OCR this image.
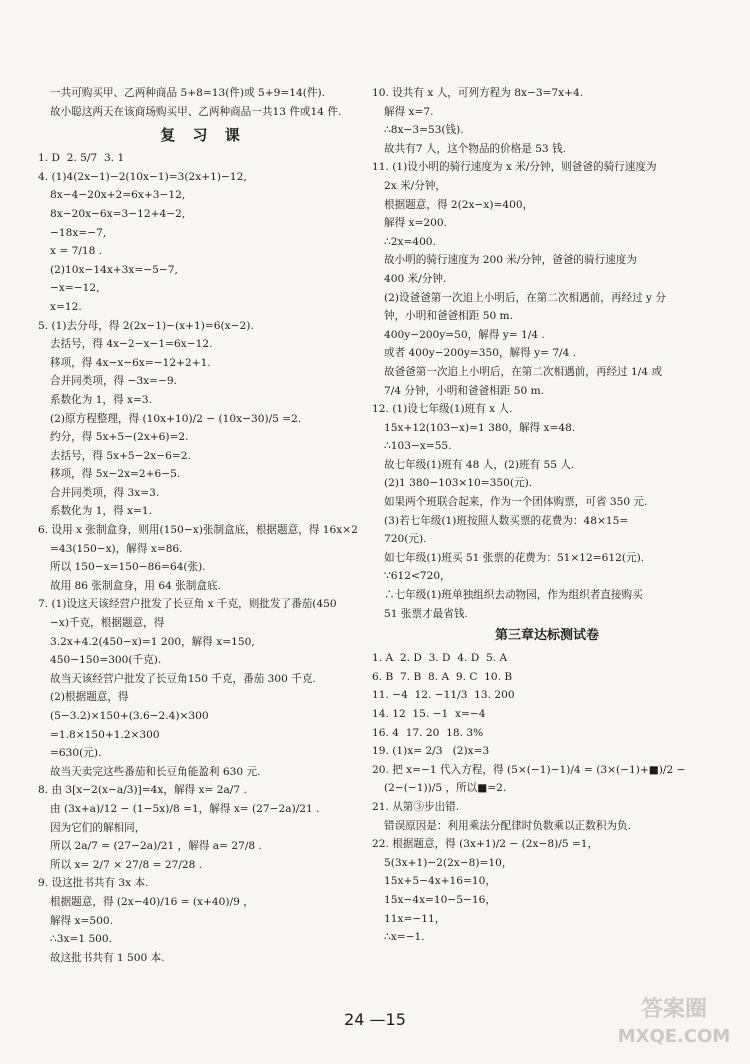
一共可购买甲、乙两种商品 5+8=13(件)或 5+9=14(件).
故小聪这两天在该商场购买甲、乙两种商品一共13 件或14 件.
复 习 课
1. D  2. 5/7  3. 1
4. (1)4(2x−1)−2(10x−1)=3(2x+1)−12,
8x−4−20x+2=6x+3−12,
8x−20x−6x=3−12+4−2,
−18x=−7,
x = 7/18 .
(2)10x−14x+3x=−5−7,
−x=−12,
x=12.
5. (1)去分母，得 2(2x−1)−(x+1)=6(x−2).
去括号，得 4x−2−x−1=6x−12.
移项，得 4x−x−6x=−12+2+1.
合并同类项，得 −3x=−9.
系数化为 1，得 x=3.
(2)原方程整理，得 (10x+10)/2 − (10x−30)/5 =2.
约分，得 5x+5−(2x+6)=2.
去括号，得 5x+5−2x−6=2.
移项，得 5x−2x=2+6−5.
合并同类项，得 3x=3.
系数化为 1，得 x=1.
6. 设用 x 张制盒身，则用(150−x)张制盒底，根据题意，得 16x×2
=43(150−x)，解得 x=86.
所以 150−x=150−86=64(张).
故用 86 张制盒身，用 64 张制盒底.
7. (1)设这天该经营户批发了长豆角 x 千克，则批发了番茄(450
−x)千克，根据题意，得
3.2x+4.2(450−x)=1 200，解得 x=150,
450−150=300(千克).
故当天该经营户批发了长豆角150 千克，番茄 300 千克.
(2)根据题意，得
(5−3.2)×150+(3.6−2.4)×300
=1.8×150+1.2×300
=630(元).
故当天卖完这些番茄和长豆角能盈利 630 元.
8. 由 3[x−2(x−a/3)]=4x，解得 x= 2a/7 .
由 (3x+a)/12 − (1−5x)/8 =1，解得 x= (27−2a)/21 .
因为它们的解相同，
所以 2a/7 = (27−2a)/21 ，解得 a= 27/8 .
所以 x= 2/7 × 27/8 = 27/28 .
9. 设这批书共有 3x 本.
根据题意，得 (2x−40)/16 = (x+40)/9 ，
解得 x=500.
∴3x=1 500.
故这批书共有 1 500 本.
10. 设共有 x 人，可列方程为 8x−3=7x+4.
解得 x=7.
∴8x−3=53(钱).
故共有7 人，这个物品的价格是 53 钱.
11. (1)设小明的骑行速度为 x 米/分钟，则爸爸的骑行速度为
2x 米/分钟，
根据题意，得 2(2x−x)=400，
解得 x=200.
∴2x=400.
故小明的骑行速度为 200 米/分钟，爸爸的骑行速度为
400 米/分钟.
(2)设爸爸第一次追上小明后，在第二次相遇前，再经过 y 分
钟，小明和爸爸相距 50 m.
400y−200y=50，解得 y= 1/4 .
或者 400y−200y=350，解得 y= 7/4 .
故爸爸第一次追上小明后，在第二次相遇前，再经过 1/4 或
7/4 分钟，小明和爸爸相距 50 m.
12. (1)设七年级(1)班有 x 人.
15x+12(103−x)=1 380，解得 x=48.
∴103−x=55.
故七年级(1)班有 48 人，(2)班有 55 人.
(2)1 380−103×10=350(元).
如果两个班联合起来，作为一个团体购票，可省 350 元.
(3)若七年级(1)班按照人数买票的花费为：48×15=
720(元).
如七年级(1)班买 51 张票的花费为：51×12=612(元).
∵612<720，
∴七年级(1)班单独组织去动物园，作为组织者直接购买
51 张票才最省钱.
第三章达标测试卷
1. A  2. D  3. D  4. D  5. A
6. B  7. B  8. A  9. C  10. B
11. −4  12. −11/3  13. 200
14. 12  15. −1  x=−4
16. 4  17. 20  18. 3%
19. (1)x= 2/3   (2)x=3
20. 把 x=−1 代入方程，得 (5×(−1)−1)/4 = (3×(−1)+■)/2 −
(2−(−1))/5 ，所以■=2.
21. 从第③步出错.
错误原因是：利用乘法分配律时负数乘以正数积为负.
22. 根据题意，得 (3x+1)/2 − (2x−8)/5 =1，
5(3x+1)−2(2x−8)=10，
15x+5−4x+16=10，
15x−4x=10−5−16，
11x=−11，
∴x=−1.
24 —15	答案圈
MXQE.COM
